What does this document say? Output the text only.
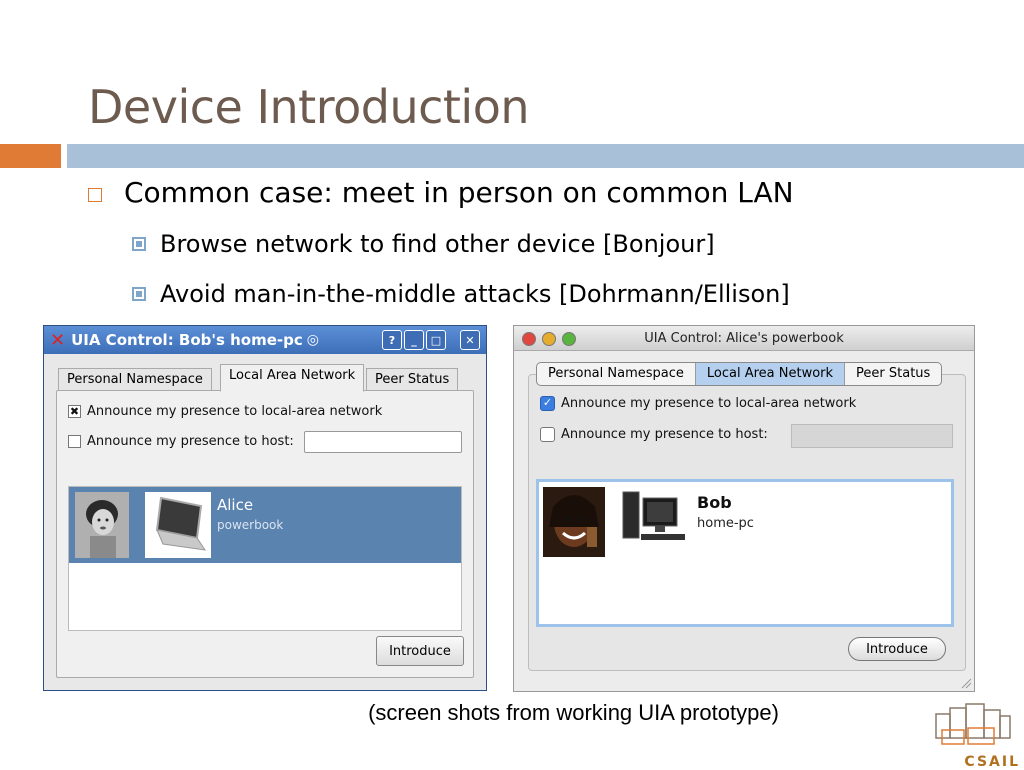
Device Introduction
Common case: meet in person on common LAN
Browse network to find other device [Bonjour]
Avoid man-in-the-middle attacks [Dohrmann/Ellison]
✕ UIA Control: Bob's home-pc ◎	?	_	□	✕
Personal Namespace	Local Area Network	Peer Status
✖ Announce my presence to local-area network
Announce my presence to host:
Alice
powerbook
Introduce
UIA Control: Alice's powerbook
Personal Namespace	Local Area Network	Peer Status
✓ Announce my presence to local-area network
Announce my presence to host:
Bob
home-pc
Introduce
(screen shots from working UIA prototype)
CSAIL
